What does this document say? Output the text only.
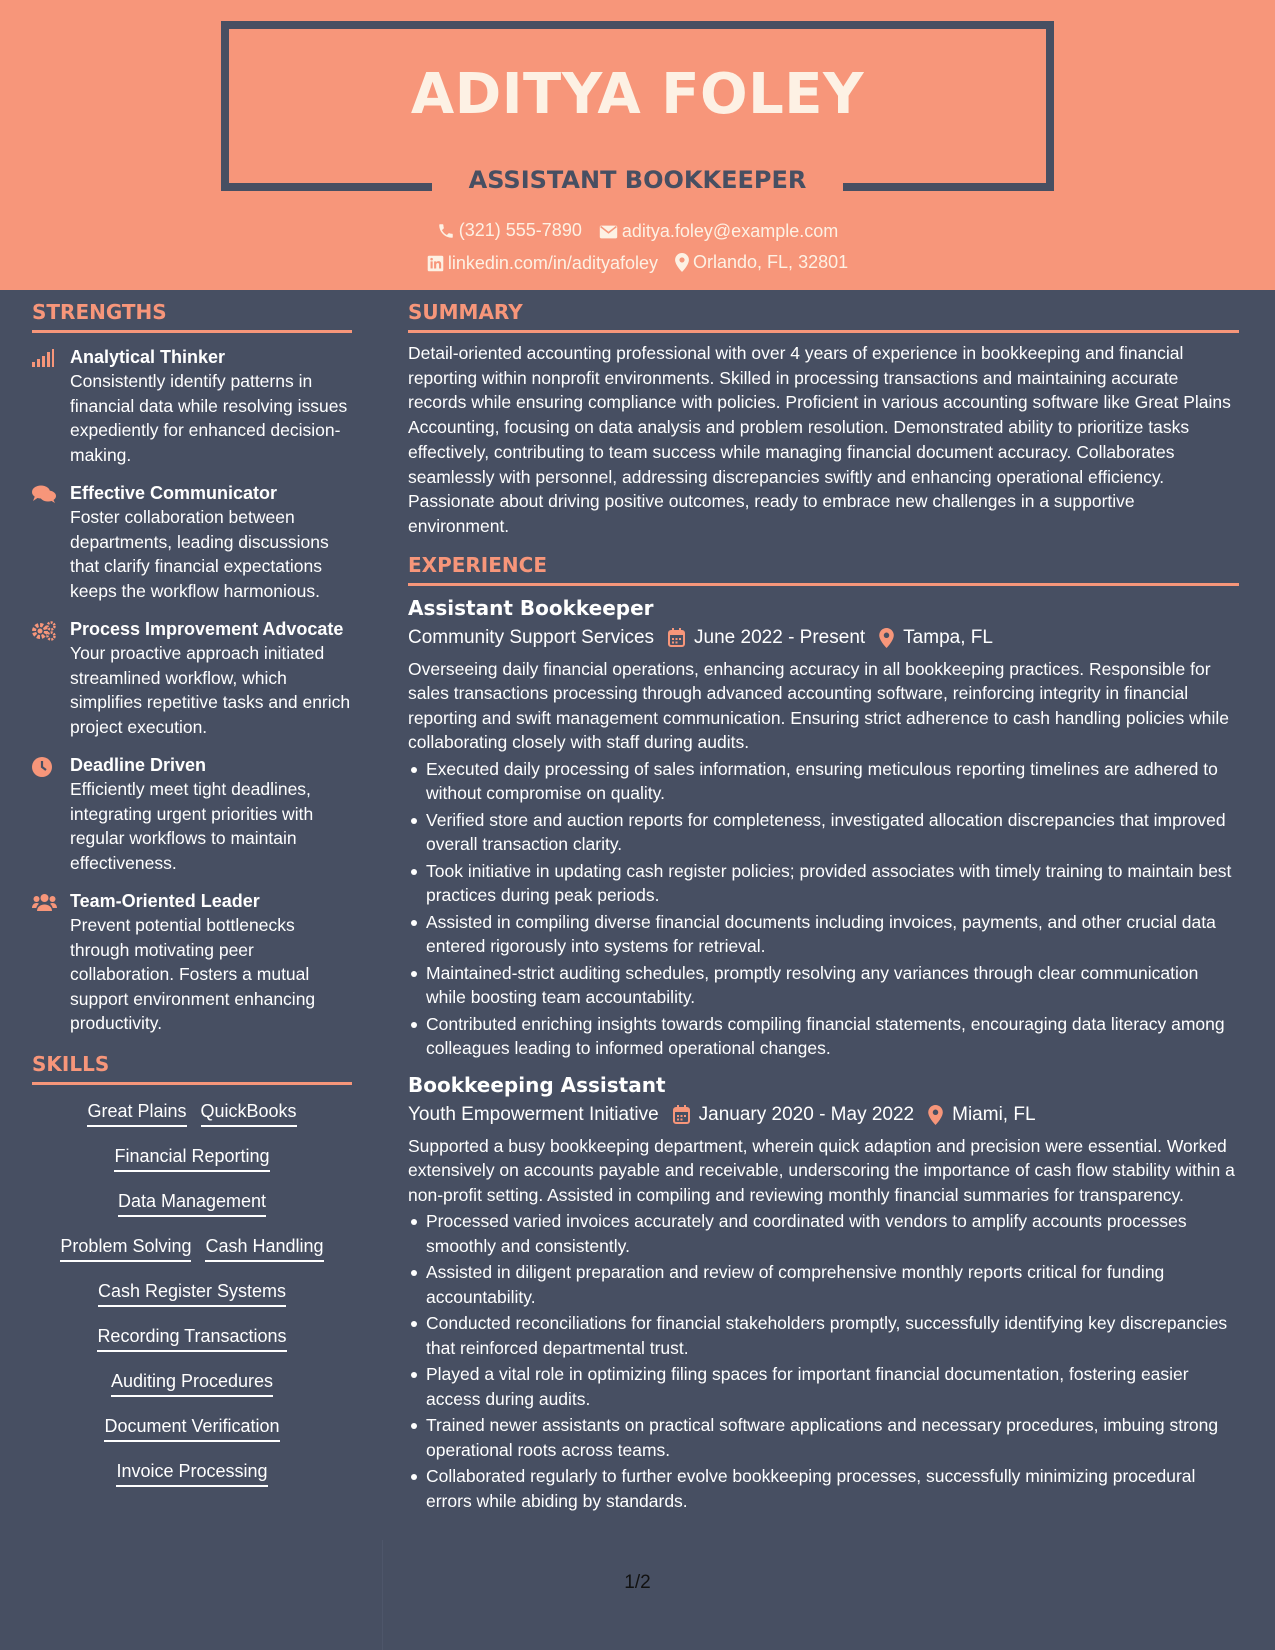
ADITYA FOLEY
ASSISTANT BOOKKEEPER
(321) 555-7890
aditya.foley@example.com
linkedin.com/in/adityafoley
Orlando, FL, 32801
STRENGTHS
Analytical Thinker
Consistently identify patterns in financial data while resolving issues expediently for enhanced decision-making.
Effective Communicator
Foster collaboration between departments, leading discussions that clarify financial expectations keeps the workflow harmonious.
Process Improvement Advocate
Your proactive approach initiated streamlined workflow, which simplifies repetitive tasks and enrich project execution.
Deadline Driven
Efficiently meet tight deadlines, integrating urgent priorities with regular workflows to maintain effectiveness.
Team-Oriented Leader
Prevent potential bottlenecks through motivating peer collaboration. Fosters a mutual support environment enhancing productivity.
SKILLS
Great Plains QuickBooks
Financial Reporting
Data Management
Problem Solving Cash Handling
Cash Register Systems
Recording Transactions
Auditing Procedures
Document Verification
Invoice Processing
SUMMARY
Detail-oriented accounting professional with over 4 years of experience in bookkeeping and financial reporting within nonprofit environments. Skilled in processing transactions and maintaining accurate records while ensuring compliance with policies. Proficient in various accounting software like Great Plains Accounting, focusing on data analysis and problem resolution. Demonstrated ability to prioritize tasks effectively, contributing to team success while managing financial document accuracy. Collaborates seamlessly with personnel, addressing discrepancies swiftly and enhancing operational efficiency. Passionate about driving positive outcomes, ready to embrace new challenges in a supportive environment.
EXPERIENCE
Assistant Bookkeeper
Community Support Services June 2022 - Present Tampa, FL
Overseeing daily financial operations, enhancing accuracy in all bookkeeping practices. Responsible for sales transactions processing through advanced accounting software, reinforcing integrity in financial reporting and swift management communication. Ensuring strict adherence to cash handling policies while collaborating closely with staff during audits.
Executed daily processing of sales information, ensuring meticulous reporting timelines are adhered to without compromise on quality.
Verified store and auction reports for completeness, investigated allocation discrepancies that improved overall transaction clarity.
Took initiative in updating cash register policies; provided associates with timely training to maintain best practices during peak periods.
Assisted in compiling diverse financial documents including invoices, payments, and other crucial data entered rigorously into systems for retrieval.
Maintained-strict auditing schedules, promptly resolving any variances through clear communication while boosting team accountability.
Contributed enriching insights towards compiling financial statements, encouraging data literacy among colleagues leading to informed operational changes.
Bookkeeping Assistant
Youth Empowerment Initiative January 2020 - May 2022 Miami, FL
Supported a busy bookkeeping department, wherein quick adaption and precision were essential. Worked extensively on accounts payable and receivable, underscoring the importance of cash flow stability within a non-profit setting. Assisted in compiling and reviewing monthly financial summaries for transparency.
Processed varied invoices accurately and coordinated with vendors to amplify accounts processes smoothly and consistently.
Assisted in diligent preparation and review of comprehensive monthly reports critical for funding accountability.
Conducted reconciliations for financial stakeholders promptly, successfully identifying key discrepancies that reinforced departmental trust.
Played a vital role in optimizing filing spaces for important financial documentation, fostering easier access during audits.
Trained newer assistants on practical software applications and necessary procedures, imbuing strong operational roots across teams.
Collaborated regularly to further evolve bookkeeping processes, successfully minimizing procedural errors while abiding by standards.
1/2
